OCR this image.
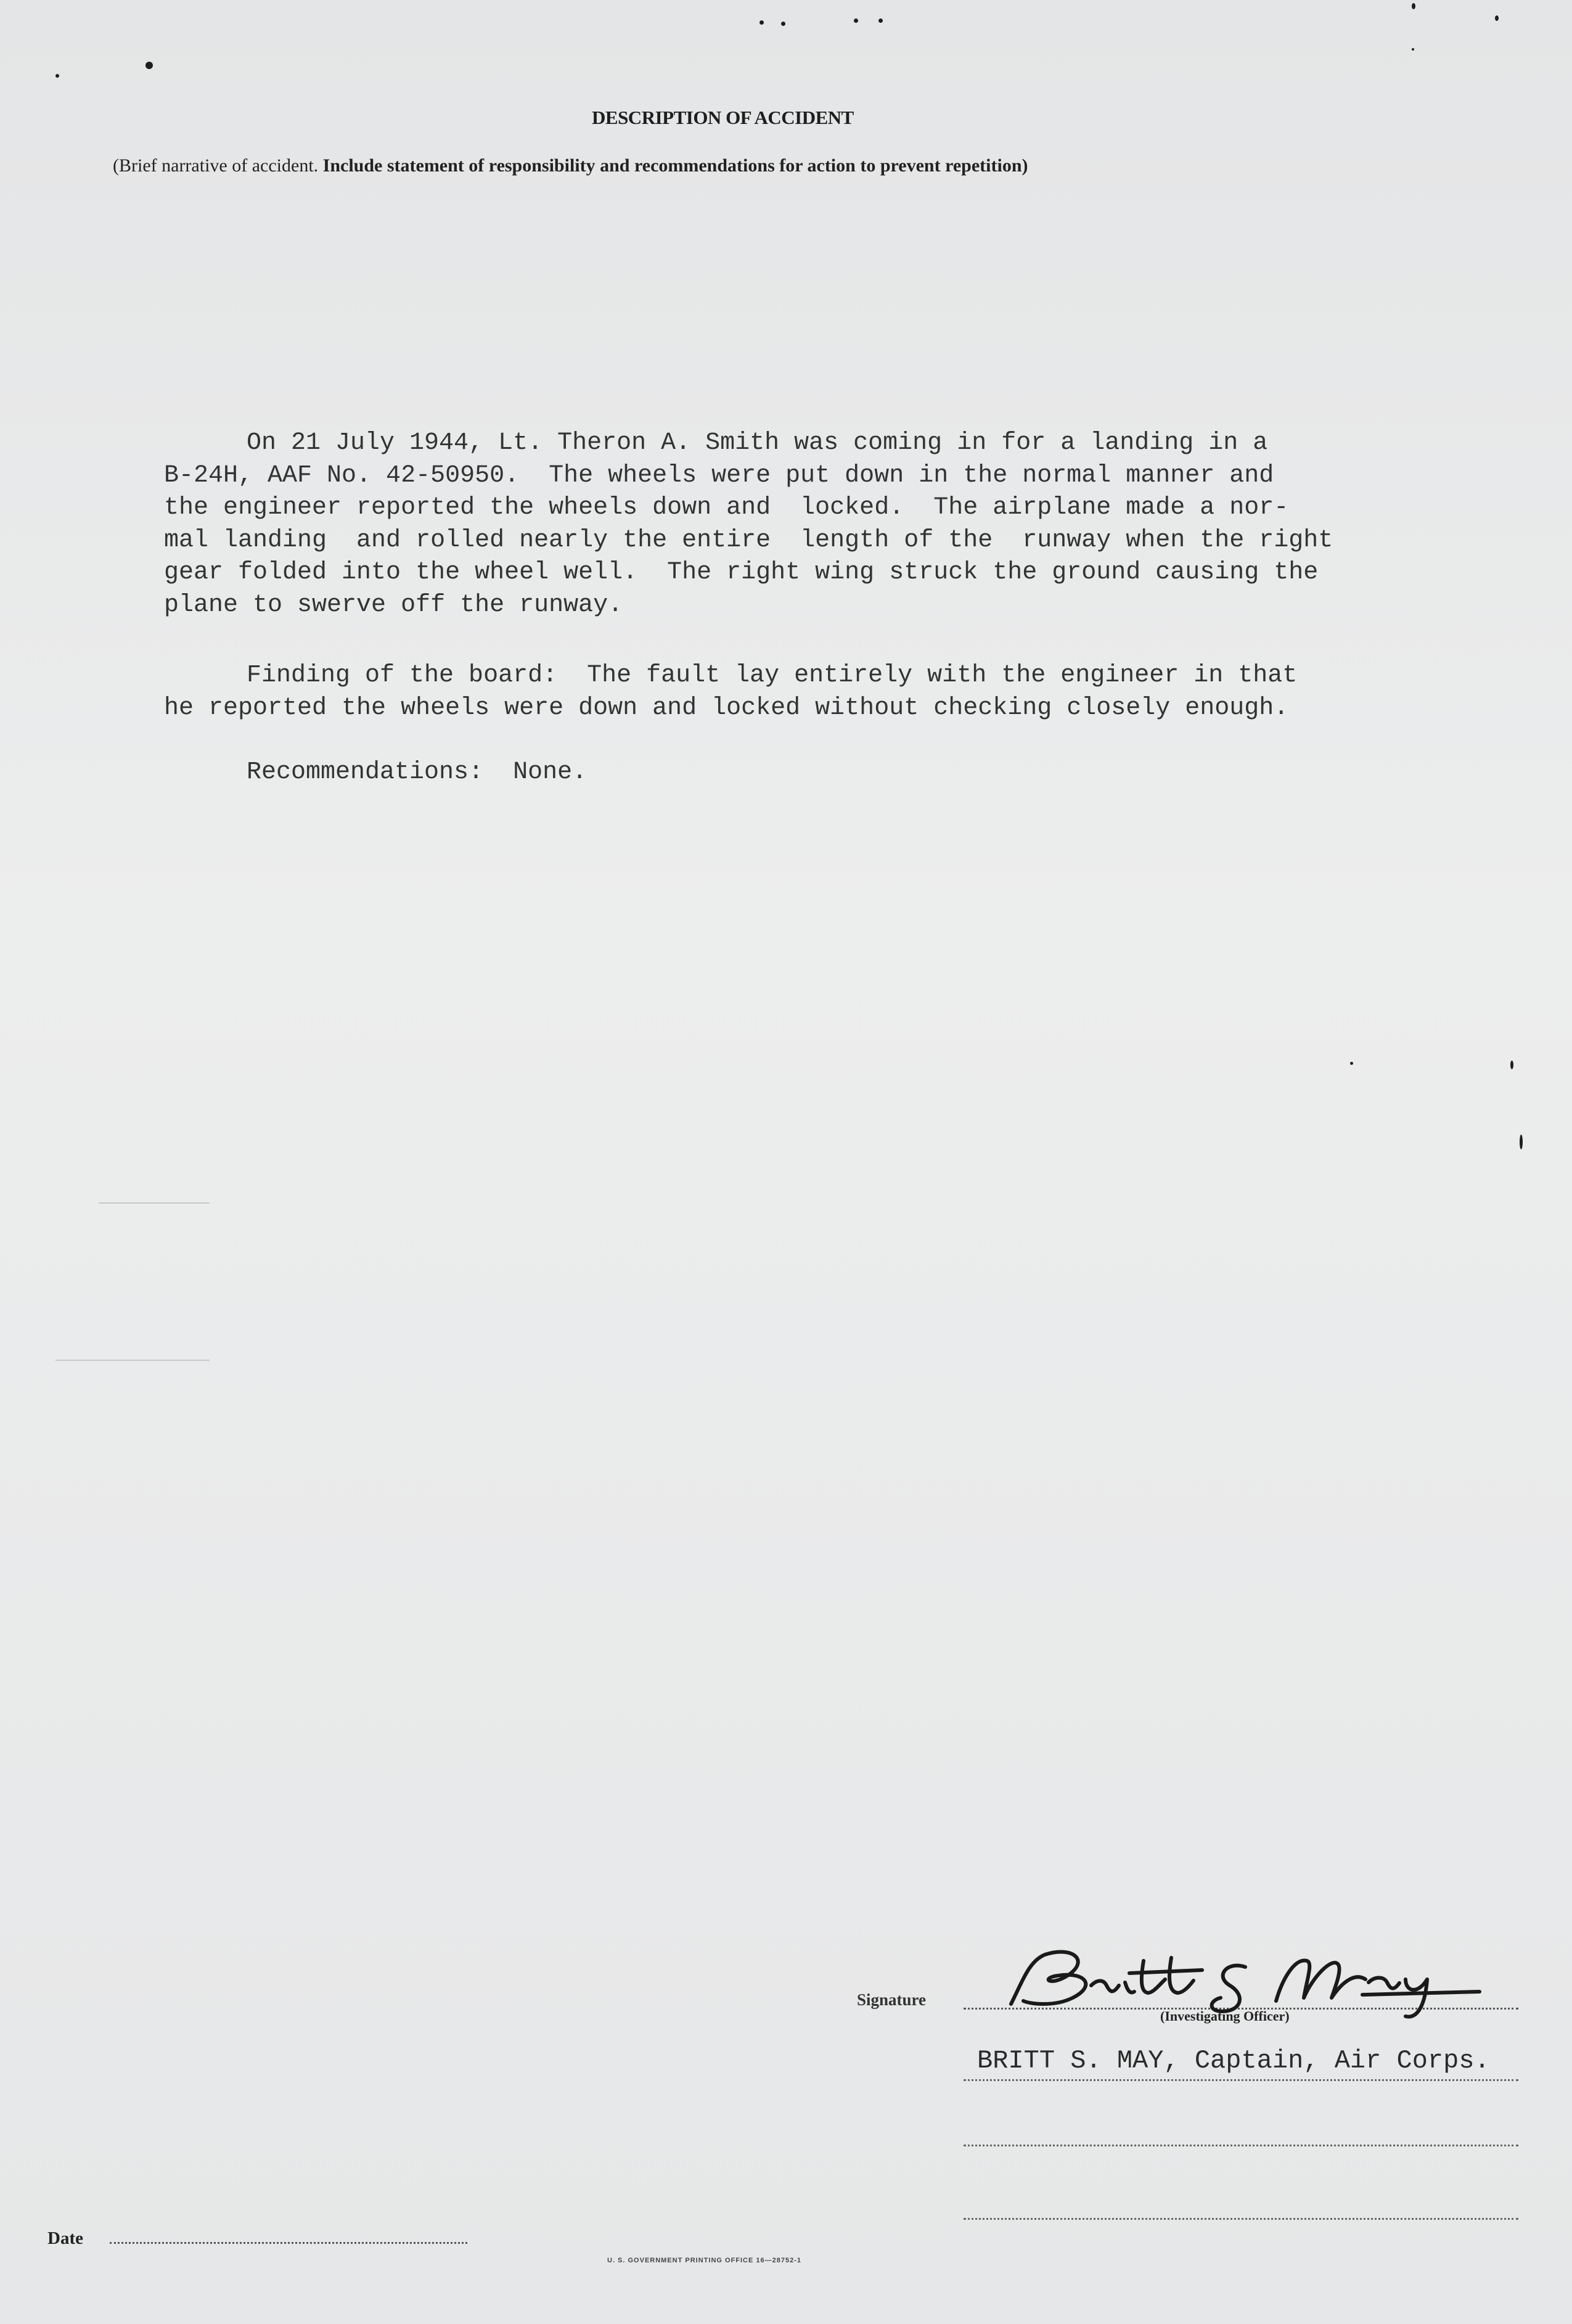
DESCRIPTION OF ACCIDENT
(Brief narrative of accident. Include statement of responsibility and recommendations for action to prevent repetition)
On 21 July 1944, Lt. Theron A. Smith was coming in for a landing in a
B-24H, AAF No. 42-50950.  The wheels were put down in the normal manner and
the engineer reported the wheels down and  locked.  The airplane made a nor-
mal landing  and rolled nearly the entire  length of the  runway when the right
gear folded into the wheel well.  The right wing struck the ground causing the
plane to swerve off the runway.
Finding of the board:  The fault lay entirely with the engineer in that
he reported the wheels were down and locked without checking closely enough.
Recommendations:  None.
Signature
(Investigating Officer)
BRITT S. MAY, Captain, Air Corps.
Date
U. S. GOVERNMENT PRINTING OFFICE 16—28752-1
